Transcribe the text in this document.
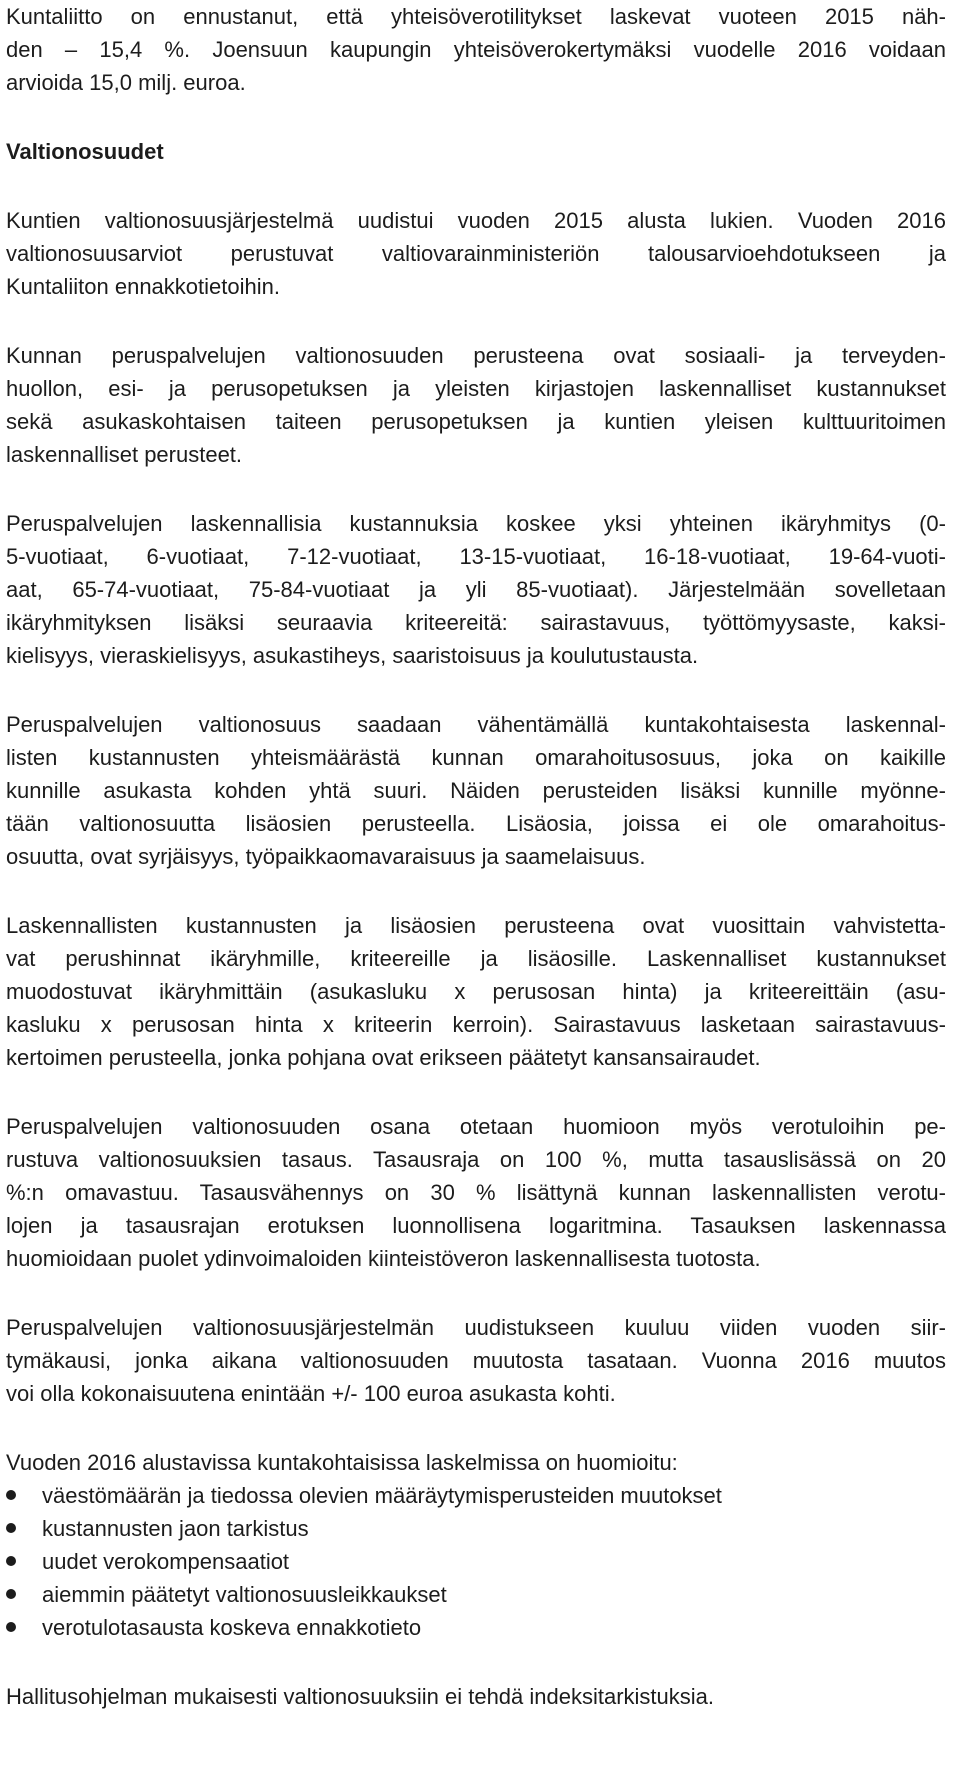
Kuntaliitto on ennustanut, että yhteisöverotilitykset laskevat vuoteen 2015 näh-
den – 15,4 %. Joensuun kaupungin yhteisöverokertymäksi vuodelle 2016 voidaan
arvioida 15,0 milj. euroa.
Valtionosuudet
Kuntien valtionosuusjärjestelmä uudistui vuoden 2015 alusta lukien. Vuoden 2016
valtionosuusarviot perustuvat valtiovarainministeriön talousarvioehdotukseen ja
Kuntaliiton ennakkotietoihin.
Kunnan peruspalvelujen valtionosuuden perusteena ovat sosiaali- ja terveyden-
huollon, esi- ja perusopetuksen ja yleisten kirjastojen laskennalliset kustannukset
sekä asukaskohtaisen taiteen perusopetuksen ja kuntien yleisen kulttuuritoimen
laskennalliset perusteet.
Peruspalvelujen laskennallisia kustannuksia koskee yksi yhteinen ikäryhmitys (0-
5-vuotiaat, 6-vuotiaat, 7-12-vuotiaat, 13-15-vuotiaat, 16-18-vuotiaat, 19-64-vuoti-
aat, 65-74-vuotiaat, 75-84-vuotiaat ja yli 85-vuotiaat). Järjestelmään sovelletaan
ikäryhmityksen lisäksi seuraavia kriteereitä: sairastavuus, työttömyysaste, kaksi-
kielisyys, vieraskielisyys, asukastiheys, saaristoisuus ja koulutustausta.
Peruspalvelujen valtionosuus saadaan vähentämällä kuntakohtaisesta laskennal-
listen kustannusten yhteismäärästä kunnan omarahoitusosuus, joka on kaikille
kunnille asukasta kohden yhtä suuri. Näiden perusteiden lisäksi kunnille myönne-
tään valtionosuutta lisäosien perusteella. Lisäosia, joissa ei ole omarahoitus-
osuutta, ovat syrjäisyys, työpaikkaomavaraisuus ja saamelaisuus.
Laskennallisten kustannusten ja lisäosien perusteena ovat vuosittain vahvistetta-
vat perushinnat ikäryhmille, kriteereille ja lisäosille. Laskennalliset kustannukset
muodostuvat ikäryhmittäin (asukasluku x perusosan hinta) ja kriteereittäin (asu-
kasluku x perusosan hinta x kriteerin kerroin). Sairastavuus lasketaan sairastavuus-
kertoimen perusteella, jonka pohjana ovat erikseen päätetyt kansansairaudet.
Peruspalvelujen valtionosuuden osana otetaan huomioon myös verotuloihin pe-
rustuva valtionosuuksien tasaus. Tasausraja on 100 %, mutta tasauslisässä on 20
%:n omavastuu. Tasausvähennys on 30 % lisättynä kunnan laskennallisten verotu-
lojen ja tasausrajan erotuksen luonnollisena logaritmina. Tasauksen laskennassa
huomioidaan puolet ydinvoimaloiden kiinteistöveron laskennallisesta tuotosta.
Peruspalvelujen valtionosuusjärjestelmän uudistukseen kuuluu viiden vuoden siir-
tymäkausi, jonka aikana valtionosuuden muutosta tasataan. Vuonna 2016 muutos
voi olla kokonaisuutena enintään +/- 100 euroa asukasta kohti.
Vuoden 2016 alustavissa kuntakohtaisissa laskelmissa on huomioitu:
väestömäärän ja tiedossa olevien määräytymisperusteiden muutokset
kustannusten jaon tarkistus
uudet verokompensaatiot
aiemmin päätetyt valtionosuusleikkaukset
verotulotasausta koskeva ennakkotieto
Hallitusohjelman mukaisesti valtionosuuksiin ei tehdä indeksitarkistuksia.
